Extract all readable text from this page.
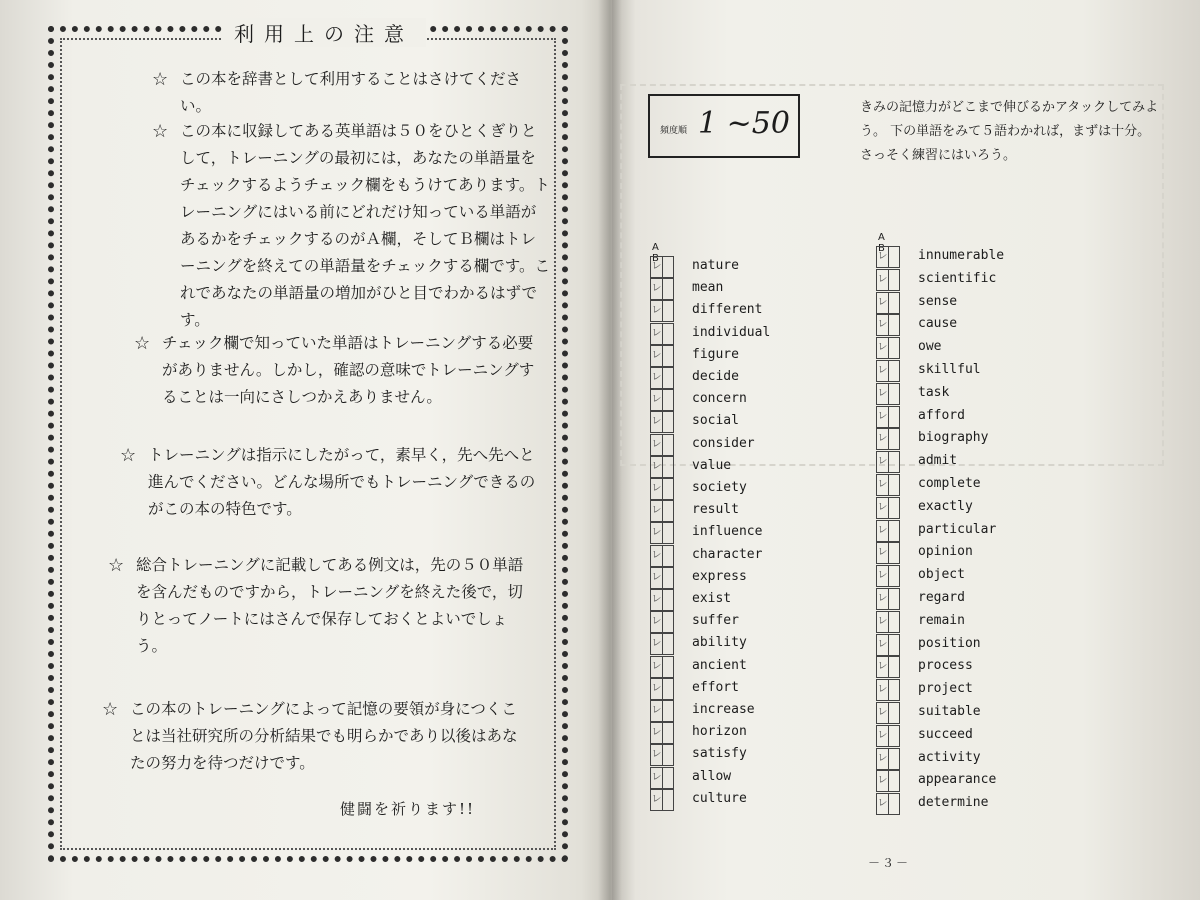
利用上の注意
☆ この本を辞書として利用することはさけてください。
☆ この本に収録してある英単語は５０をひとくぎりとして，トレーニングの最初には，あなたの単語量をチェックするようチェック欄をもうけてあります。トレーニングにはいる前にどれだけ知っている単語があるかをチェックするのがＡ欄，そしてＢ欄はトレーニングを終えての単語量をチェックする欄です。これであなたの単語量の増加がひと目でわかるはずです。
☆ チェック欄で知っていた単語はトレーニングする必要がありません。しかし，確認の意味でトレーニングすることは一向にさしつかえありません。
☆ トレーニングは指示にしたがって，素早く，先へ先へと進んでください。どんな場所でもトレーニングできるのがこの本の特色です。
☆ 総合トレーニングに記載してある例文は，先の５０単語を含んだものですから，トレーニングを終えた後で，切りとってノートにはさんで保存しておくとよいでしょう。
☆ この本のトレーニングによって記憶の要領が身につくことは当社研究所の分析結果でも明らかであり以後はあなたの努力を待つだけです。
健闘を祈ります!!
頻度順 1 ~50	きみの記憶力がどこまで伸びるかアタックしてみよう。 下の単語をみて５語わかれば，まずは十分。さっそく練習にはいろう。
A B
レ nature
レ mean
レ different
レ individual
レ figure
レ decide
レ concern
レ social
レ consider
レ value
レ society
レ result
レ influence
レ character
レ express
レ exist
レ suffer
レ ability
レ ancient
レ effort
レ increase
レ horizon
レ satisfy
レ allow
レ culture
A B
レ innumerable
レ scientific
レ sense
レ cause
レ owe
レ skillful
レ task
レ afford
レ biography
レ admit
レ complete
レ exactly
レ particular
レ opinion
レ object
レ regard
レ remain
レ position
レ process
レ project
レ suitable
レ succeed
レ activity
レ appearance
レ determine
－３－
